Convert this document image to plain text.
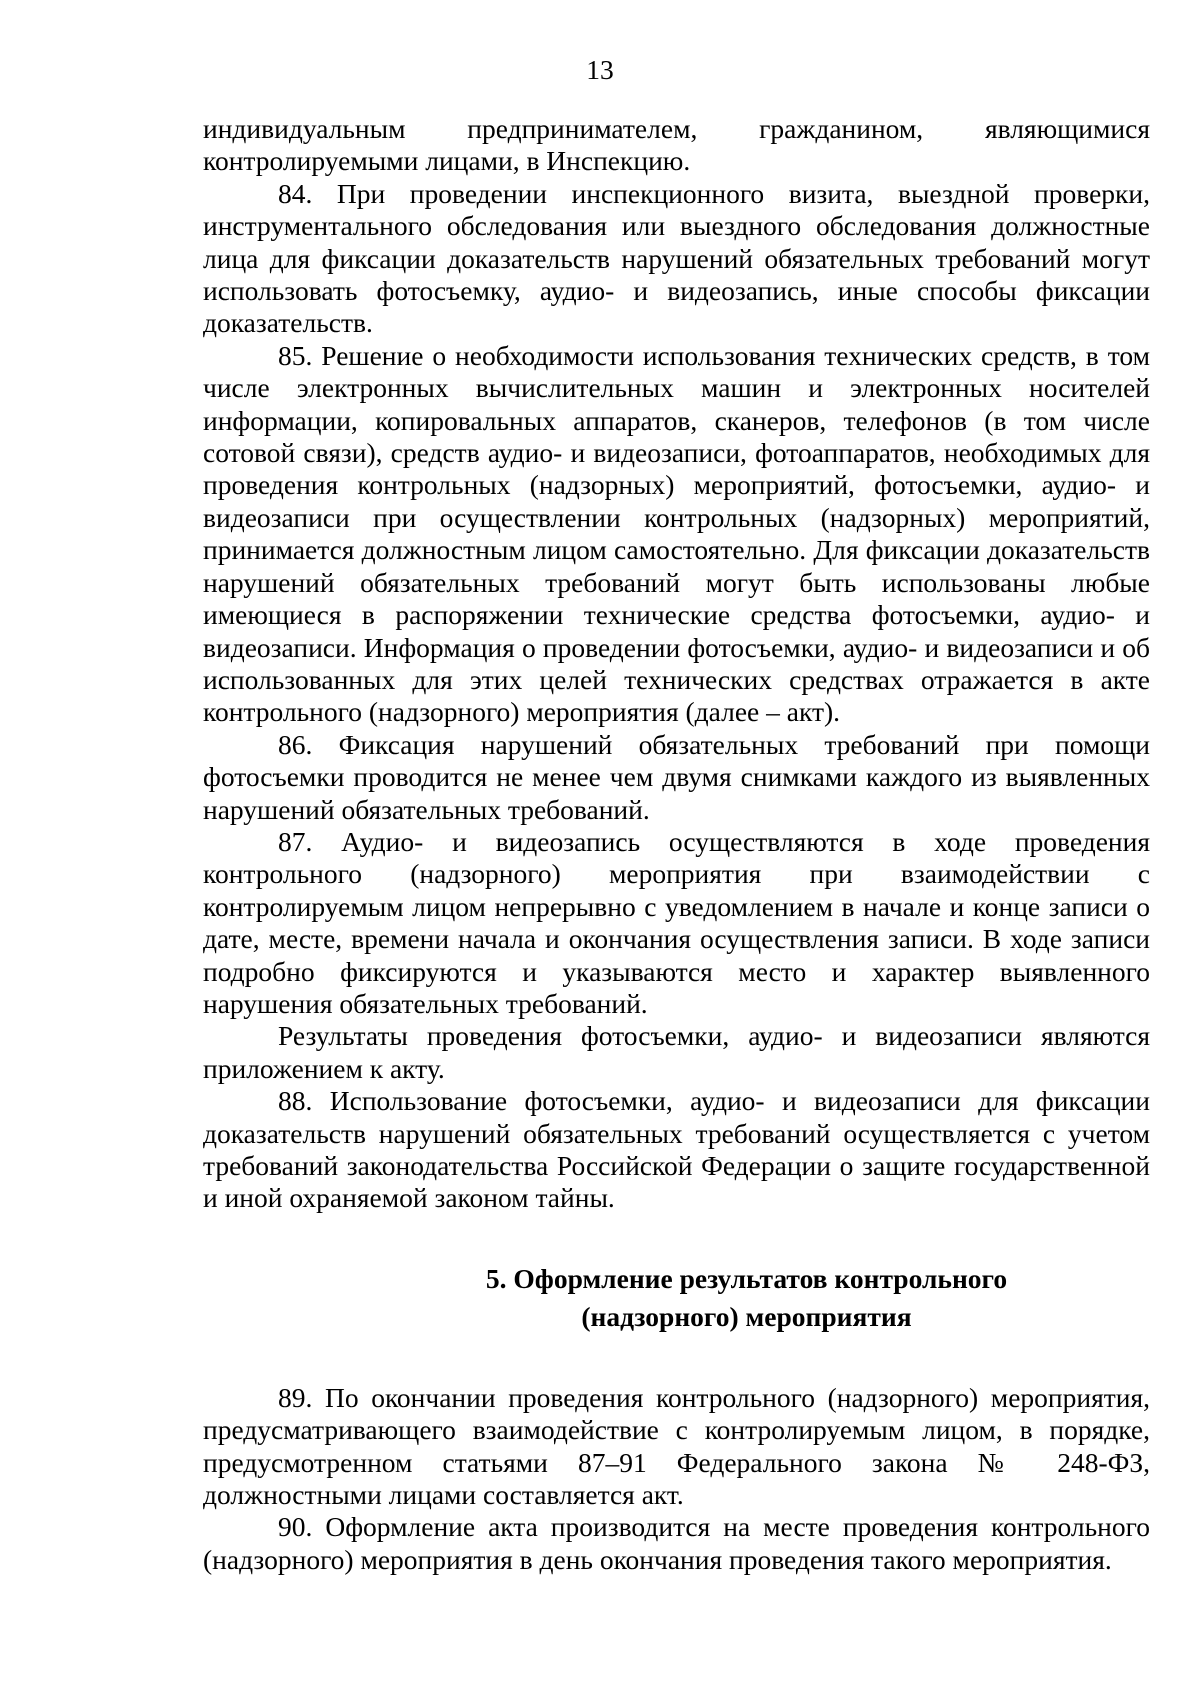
13

индивидуальным предпринимателем, гражданином, являющимися контролируемыми лицами, в Инспекцию.

84. При проведении инспекционного визита, выездной проверки, инструментального обследования или выездного обследования должностные лица для фиксации доказательств нарушений обязательных требований могут использовать фотосъемку, аудио- и видеозапись, иные способы фиксации доказательств.

85. Решение о необходимости использования технических средств, в том числе электронных вычислительных машин и электронных носителей информации, копировальных аппаратов, сканеров, телефонов (в том числе сотовой связи), средств аудио- и видеозаписи, фотоаппаратов, необходимых для проведения контрольных (надзорных) мероприятий, фотосъемки, аудио- и видеозаписи при осуществлении контрольных (надзорных) мероприятий, принимается должностным лицом самостоятельно. Для фиксации доказательств нарушений обязательных требований могут быть использованы любые имеющиеся в распоряжении технические средства фотосъемки, аудио- и видеозаписи. Информация о проведении фотосъемки, аудио- и видеозаписи и об использованных для этих целей технических средствах отражается в акте контрольного (надзорного) мероприятия (далее – акт).

86. Фиксация нарушений обязательных требований при помощи фотосъемки проводится не менее чем двумя снимками каждого из выявленных нарушений обязательных требований.

87. Аудио- и видеозапись осуществляются в ходе проведения контрольного (надзорного) мероприятия при взаимодействии с контролируемым лицом непрерывно с уведомлением в начале и конце записи о дате, месте, времени начала и окончания осуществления записи. В ходе записи подробно фиксируются и указываются место и характер выявленного нарушения обязательных требований.

Результаты проведения фотосъемки, аудио- и видеозаписи являются приложением к акту.

88. Использование фотосъемки, аудио- и видеозаписи для фиксации доказательств нарушений обязательных требований осуществляется с учетом требований законодательства Российской Федерации о защите государственной и иной охраняемой законом тайны.

5. Оформление результатов контрольного

(надзорного) мероприятия

89. По окончании проведения контрольного (надзорного) мероприятия, предусматривающего взаимодействие с контролируемым лицом, в порядке, предусмотренном статьями 87–91 Федерального закона № 248-ФЗ, должностными лицами составляется акт.

90. Оформление акта производится на месте проведения контрольного (надзорного) мероприятия в день окончания проведения такого мероприятия.
